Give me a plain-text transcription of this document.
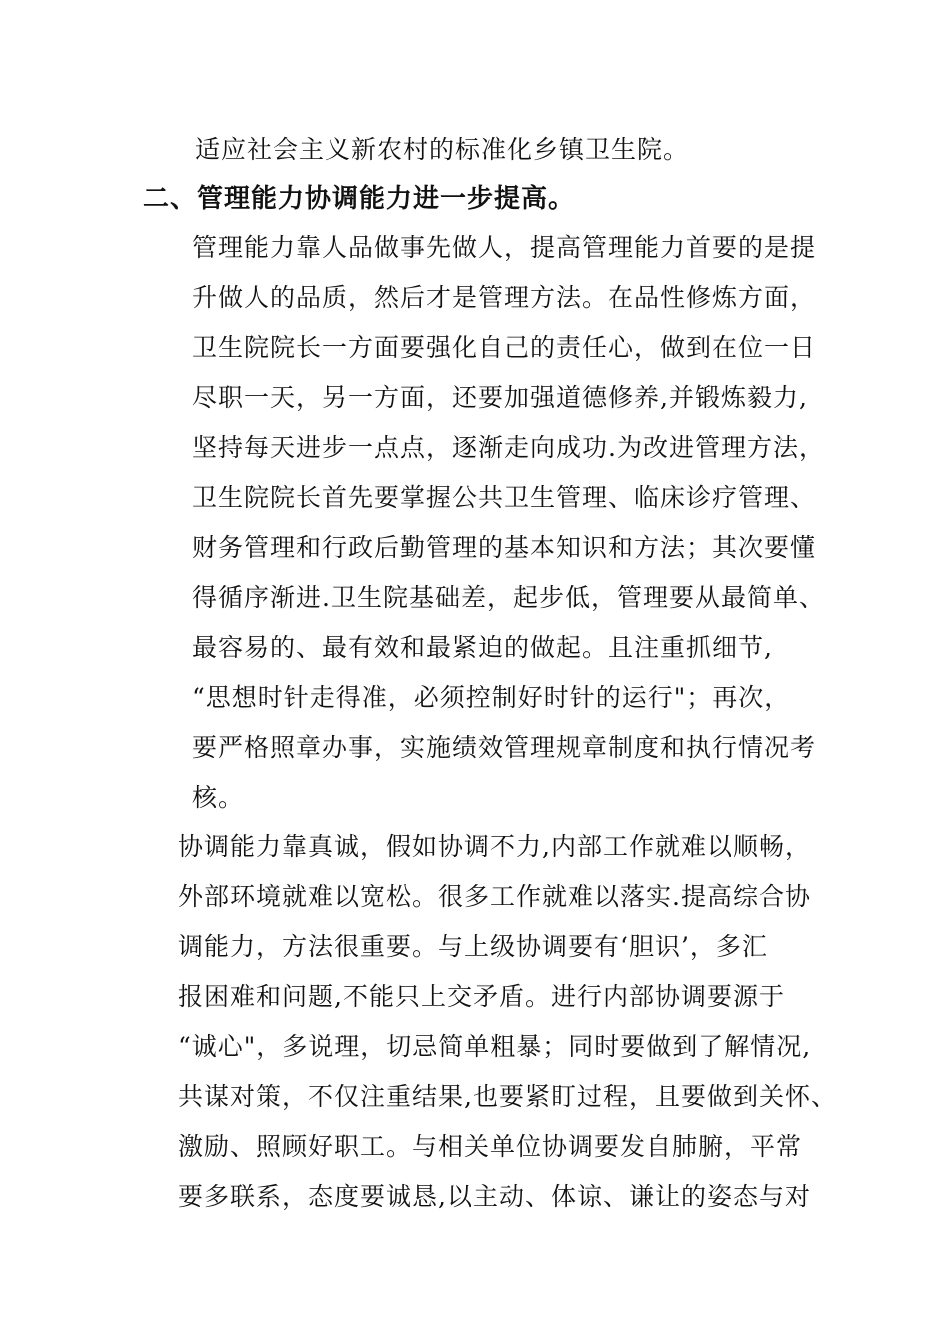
适应社会主义新农村的标准化乡镇卫生院。
二、管理能力协调能力进一步提高。
管理能力靠人品做事先做人，提高管理能力首要的是提
升做人的品质，然后才是管理方法。在品性修炼方面，
卫生院院长一方面要强化自己的责任心，做到在位一日
尽职一天，另一方面，还要加强道德修养,并锻炼毅力,
坚持每天进步一点点，逐渐走向成功.为改进管理方法，
卫生院院长首先要掌握公共卫生管理、临床诊疗管理、
财务管理和行政后勤管理的基本知识和方法；其次要懂
得循序渐进.卫生院基础差，起步低，管理要从最简单、
最容易的、最有效和最紧迫的做起。且注重抓细节,
“思想时针走得准，必须控制好时针的运行"；再次，
要严格照章办事，实施绩效管理规章制度和执行情况考
核。
协调能力靠真诚，假如协调不力,内部工作就难以顺畅，
外部环境就难以宽松。很多工作就难以落实.提高综合协
调能力，方法很重要。与上级协调要有‘胆识’，多汇
报困难和问题,不能只上交矛盾。进行内部协调要源于
“诚心"，多说理，切忌简单粗暴；同时要做到了解情况,
共谋对策，不仅注重结果,也要紧盯过程，且要做到关怀、
激励、照顾好职工。与相关单位协调要发自肺腑，平常
要多联系，态度要诚恳,以主动、体谅、谦让的姿态与对
